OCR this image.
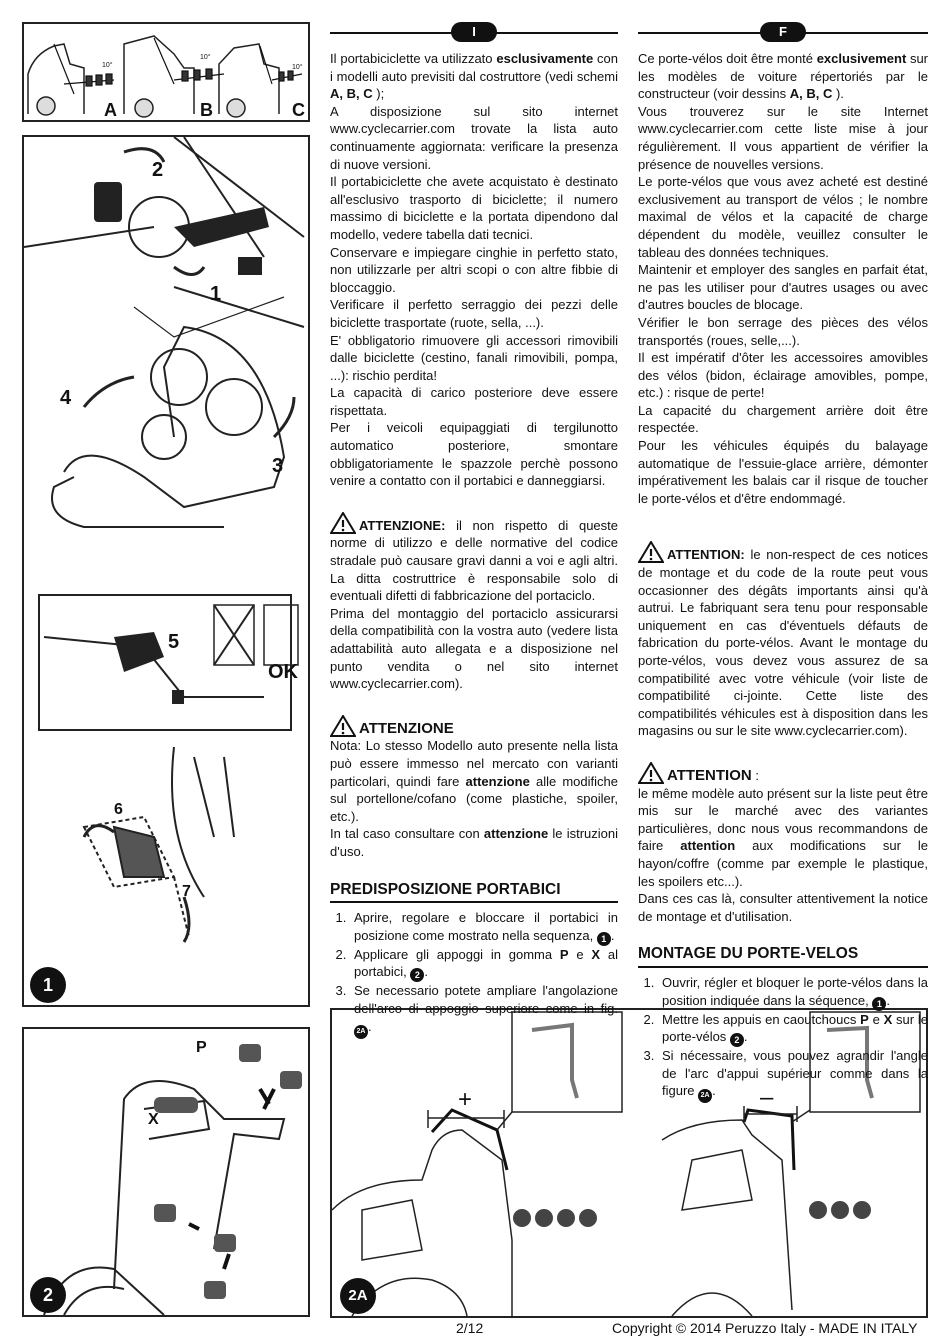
A	B	C
10°
10°
10°
1
2
3
4
5
6
7
OK
1
P
X
2
+	–
2A
I

Il portabiciclette va utilizzato esclusivamente con i modelli auto previsiti dal costruttore (vedi schemi A, B, C );

A disposizione sul sito internet www.cyclecarrier.com trovate la lista auto continuamente aggiornata: verificare la presenza di nuove versioni.

Il portabiciclette che avete acquistato è destinato all'esclusivo trasporto di biciclette; il numero massimo di biciclette e la portata dipendono dal modello, vedere tabella dati tecnici.

Conservare e impiegare cinghie in perfetto stato, non utilizzarle per altri scopi o con altre fibbie di bloccaggio.

Verificare il perfetto serraggio dei pezzi delle biciclette trasportate (ruote, sella, ...).

E' obbligatorio rimuovere gli accessori rimovibili dalle biciclette (cestino, fanali rimovibili, pompa, ...): rischio perdita!

La capacità di carico posteriore deve essere rispettata.

Per i veicoli equipaggiati di tergilunotto automatico posteriore, smontare obbligatoriamente le spazzole perchè possono venire a contatto con il portabici e danneggiarsi.

ATTENZIONE: il non rispetto di queste norme di utilizzo e delle normative del codice stradale può causare gravi danni a voi e agli altri. La ditta costruttrice è responsabile solo di eventuali difetti di fabbricazione del portaciclo.

Prima del montaggio del portaciclo assicurarsi della compatibilità con la vostra auto (vedere lista adattabilità auto allegata e a disposizione nel punto vendita o nel sito internet www.cyclecarrier.com).

ATTENZIONE

Nota: Lo stesso Modello auto presente nella lista può essere immesso nel mercato con varianti particolari, quindi fare attenzione alle modifiche sul portellone/cofano (come plastiche, spoiler, etc.).

In tal caso consultare con attenzione le istruzioni d'uso.

PREDISPOSIZIONE PORTABICI
1. Aprire, regolare e bloccare il portabici in posizione come mostrato nella sequenza, 1 .
2. Applicare gli appoggi in gomma P e X al portabici, 2 .
3. Se necessario potete ampliare l'angolazione dell'arco di appoggio superiore come in fig. 2A .
F

Ce porte-vélos doit être monté exclusivement sur les modèles de voiture répertoriés par le constructeur (voir dessins A, B, C ).

Vous trouverez sur le site Internet www.cyclecarrier.com cette liste mise à jour régulièrement. Il vous appartient de vérifier la présence de nouvelles versions.

Le porte-vélos que vous avez acheté est destiné exclusivement au transport de vélos ; le nombre maximal de vélos et la capacité de charge dépendent du modèle, veuillez consulter le tableau des données techniques.

Maintenir et employer des sangles en parfait état, ne pas les utiliser pour d'autres usages ou avec d'autres boucles de blocage.

Vérifier le bon serrage des pièces des vélos transportés (roues, selle,...).

Il est impératif d'ôter les accessoires amovibles des vélos (bidon, éclairage amovibles, pompe, etc.) : risque de perte!

La capacité du chargement arrière doit être respectée.

Pour les véhicules équipés du balayage automatique de l'essuie-glace arrière, démonter impérativement les balais car il risque de toucher le porte-vélos et d'être endommagé.

ATTENTION: le non-respect de ces notices de montage et du code de la route peut vous occasionner des dégâts importants ainsi qu'à autrui. Le fabriquant sera tenu pour responsable uniquement en cas d'éventuels défauts de fabrication du porte-vélos. Avant le montage du porte-vélos, vous devez vous assurez de sa compatibilité avec votre véhicule (voir liste de compatibilité ci-jointe. Cette liste des compatibilités véhicules est à disposition dans les magasins ou sur le site www.cyclecarrier.com).

ATTENTION :

le même modèle auto présent sur la liste peut être mis sur le marché avec des variantes particulières, donc nous vous recommandons de faire attention aux modifications sur le hayon/coffre (comme par exemple le plastique, les spoilers etc...).

Dans ces cas là, consulter attentivement la notice de montage et d'utilisation.

MONTAGE DU PORTE-VELOS
1. Ouvrir, régler et bloquer le porte-vélos dans la position indiquée dans la séquence, 1 .
2. Mettre les appuis en caoutchoucs P e X sur le porte-vélos 2 .
3. Si nécessaire, vous pouvez agrandir l'angle de l'arc d'appui supérieur comme dans la figure 2A .
2/12	Copyright © 2014 Peruzzo Italy - MADE IN ITALY
